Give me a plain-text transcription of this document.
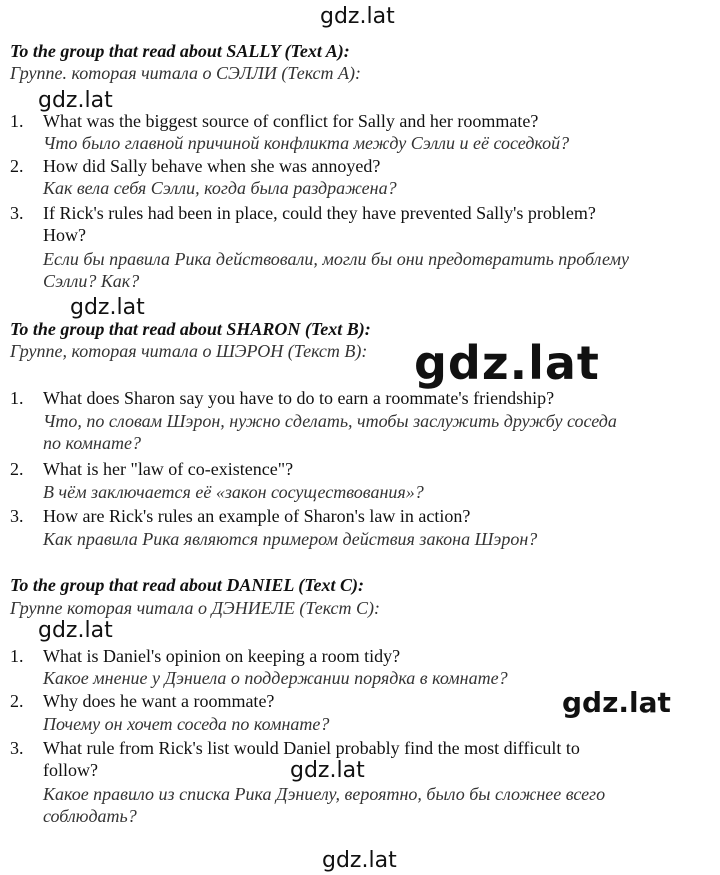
gdz.lat
gdz.lat
gdz.lat
gdz.lat
gdz.lat
gdz.lat
gdz.lat
gdz.lat
To the group that read about SALLY (Text A):
Группе. которая читала о СЭЛЛИ (Текст А):
1. What was the biggest source of conflict for Sally and her roommate?
Что было главной причиной конфликта между Сэлли и её соседкой?
2. How did Sally behave when she was annoyed?
Как вела себя Сэлли, когда была раздражена?
3. If Rick's rules had been in place, could they have prevented Sally's problem?
How?
Если бы правила Рика действовали, могли бы они предотвратить проблему
Сэлли? Как?
To the group that read about SHARON (Text B):
Группе, которая читала о ШЭРОН (Текст В):
1. What does Sharon say you have to do to earn a roommate's friendship?
Что, по словам Шэрон, нужно сделать, чтобы заслужить дружбу соседа
по комнате?
2. What is her "law of co-existence"?
В чём заключается её «закон сосуществования»?
3. How are Rick's rules an example of Sharon's law in action?
Как правила Рика являются примером действия закона Шэрон?
To the group that read about DANIEL (Text C):
Группе которая читала о ДЭНИЕЛЕ (Текст С):
1. What is Daniel's opinion on keeping a room tidy?
Какое мнение у Дэниела о поддержании порядка в комнате?
2. Why does he want a roommate?
Почему он хочет соседа по комнате?
3. What rule from Rick's list would Daniel probably find the most difficult to
follow?
Какое правило из списка Рика Дэниелу, вероятно, было бы сложнее всего
соблюдать?
